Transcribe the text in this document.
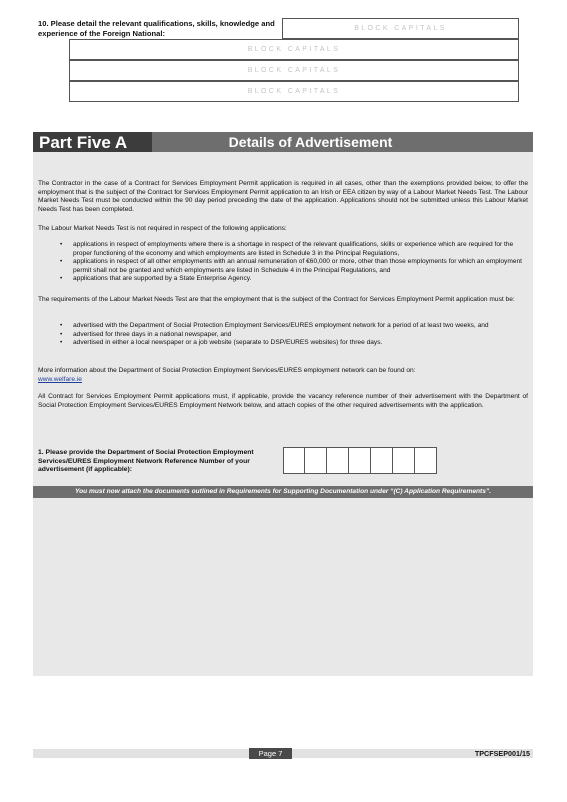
10. Please detail the relevant qualifications, skills, knowledge and experience of the Foreign National:	BLOCK CAPITALS
BLOCK CAPITALS
BLOCK CAPITALS
BLOCK CAPITALS
Part Five A	Details of Advertisement
The Contractor in the case of a Contract for Services Employment Permit application is required in all cases, other than the exemptions provided below, to offer the employment that is the subject of the Contract for Services Employment Permit application to an Irish or EEA citizen by way of a Labour Market Needs Test. The Labour Market Needs Test must be conducted within the 90 day period preceding the date of the application. Applications should not be submitted unless this Labour Market Needs Test has been completed.
The Labour Market Needs Test is not required in respect of the following applications:
• applications in respect of employments where there is a shortage in respect of the relevant qualifications, skills or experience which are required for the proper functioning of the economy and which employments are listed in Schedule 3 in the Principal Regulations,
• applications in respect of all other employments with an annual remuneration of €60,000 or more, other than those employments for which an employment permit shall not be granted and which employments are listed in Schedule 4 in the Principal Regulations, and
• applications that are supported by a State Enterprise Agency.
The requirements of the Labour Market Needs Test are that the employment that is the subject of the Contract for Services Employment Permit application must be:
• advertised with the Department of Social Protection Employment Services/EURES employment network for a period of at least two weeks, and
• advertised for three days in a national newspaper, and
• advertised in either a local newspaper or a job website (separate to DSP/EURES websites) for three days.
More information about the Department of Social Protection Employment Services/EURES employment network can be found on:
www.welfare.ie
All Contract for Services Employment Permit applications must, if applicable, provide the vacancy reference number of their advertisement with the Department of Social Protection Employment Services/EURES Employment Network below, and attach copies of the other required advertisements with the application.
1. Please provide the Department of Social Protection Employment Services/EURES Employment Network Reference Number of your advertisement (if applicable):
You must now attach the documents outlined in Requirements for Supporting Documentation under “(C) Application Requirements”.
Page 7	TPCFSEP001/15
